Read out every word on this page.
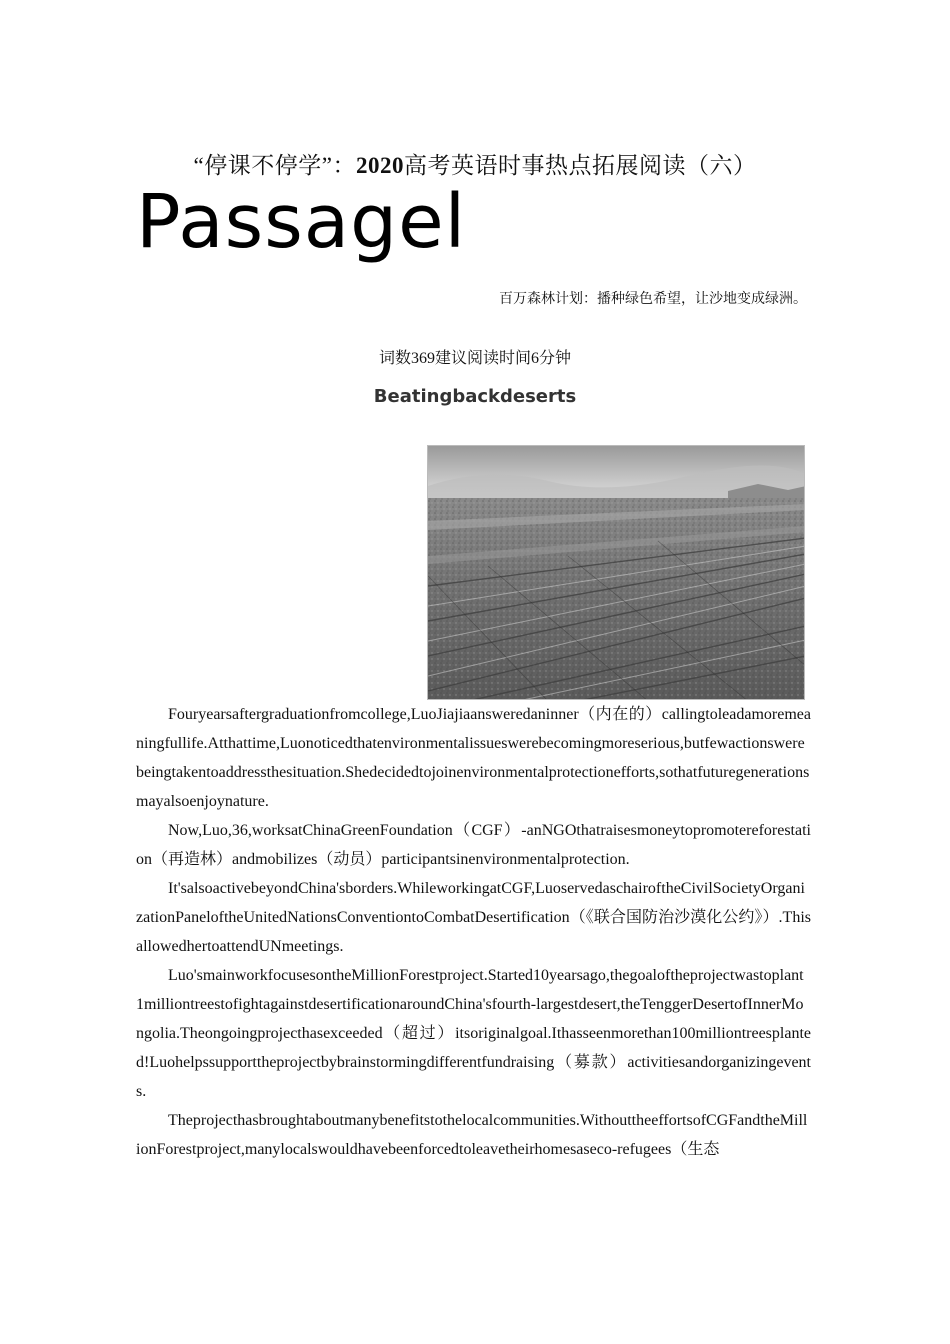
“停课不停学”：2020高考英语时事热点拓展阅读（六）
Passagel
百万森林计划：播种绿色希望，让沙地变成绿洲。
词数369建议阅读时间6分钟
Beatingbackdeserts

Fouryearsaftergraduationfromcollege,LuoJiajiaansweredaninner（内在的）callingtoleadamoremeaningfullife.Atthattime,Luonoticedthatenvironmentalissueswerebecomingmoreserious,butfewactionswerebeingtakentoaddressthesituation.Shedecidedtojoinenvironmentalprotectionefforts,sothatfuturegenerationsmayalsoenjoynature.

Now,Luo,36,worksatChinaGreenFoundation（CGF）-anNGOthatraisesmoneytopromotereforestation（再造林）andmobilizes（动员）participantsinenvironmentalprotection.

It'salsoactivebeyondChina'sborders.WhileworkingatCGF,LuoservedaschairoftheCivilSocietyOrganizationPaneloftheUnitedNationsConventiontoCombatDesertification（《联合国防治沙漠化公约》）.ThisallowedhertoattendUNmeetings.

Luo'smainworkfocusesontheMillionForestproject.Started10yearsago,thegoaloftheprojectwastoplant1milliontreestofightagainstdesertificationaroundChina'sfourth-largestdesert,theTenggerDesertofInnerMongolia.Theongoingprojecthasexceeded（超过）itsoriginalgoal.Ithasseenmorethan100milliontreesplanted!Luohelpssupporttheprojectbybrainstormingdifferentfundraising（募款）activitiesandorganizingevents.

Theprojecthasbroughtaboutmanybenefitstothelocalcommunities.WithouttheeffortsofCGFandtheMillionForestproject,manylocalswouldhavebeenforcedtoleavetheirhomesaseco-refugees（生态
